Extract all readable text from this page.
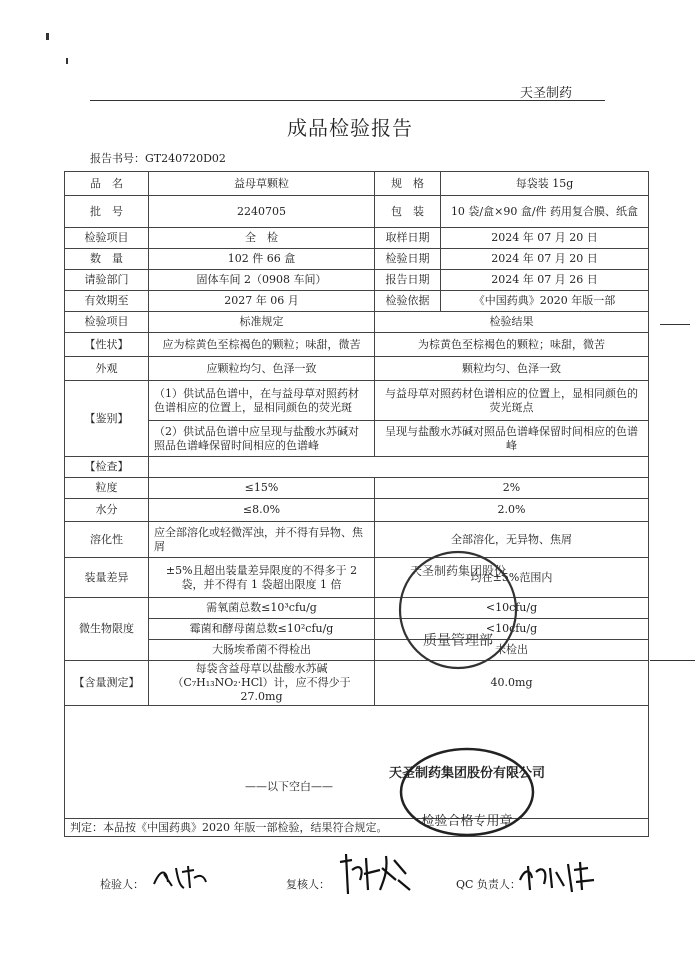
天圣制药
成品检验报告
报告书号：GT240720D02
品　名	益母草颗粒	规　格	每袋装 15g
批　号	2240705	包　装	10 袋/盒×90 盒/件 药用复合膜、纸盒
检验项目	全　检	取样日期	2024 年 07 月 20 日
数　量	102 件 66 盒	检验日期	2024 年 07 月 20 日
请验部门	固体车间 2（0908 车间）	报告日期	2024 年 07 月 26 日
有效期至	2027 年 06 月	检验依据	《中国药典》2020 年版一部
检验项目	标准规定	检验结果	
【性状】	应为棕黄色至棕褐色的颗粒；味甜，微苦	为棕黄色至棕褐色的颗粒；味甜，微苦	
外观	应颗粒均匀、色泽一致	颗粒均匀、色泽一致	
【鉴别】	（1）供试品色谱中，在与益母草对照药材色谱相应的位置上，显相同颜色的荧光斑	与益母草对照药材色谱相应的位置上，显相同颜色的荧光斑点	
	（2）供试品色谱中应呈现与盐酸水苏碱对照品色谱峰保留时间相应的色谱峰	呈现与盐酸水苏碱对照品色谱峰保留时间相应的色谱峰	
【检查】			
粒度	≤15%	2%	
水分	≤8.0%	2.0%	
溶化性	应全部溶化或轻微浑浊，并不得有异物、焦屑	全部溶化，无异物、焦屑	
装量差异	±5%且超出装量差异限度的不得多于 2 袋，并不得有 1 袋超出限度 1 倍	均在±5%范围内	
微生物限度	需氧菌总数≤10³cfu/g	<10cfu/g	
	霉菌和酵母菌总数≤10²cfu/g	<10cfu/g	
	大肠埃希菌不得检出	未检出	
【含量测定】	每袋含益母草以盐酸水苏碱（C₇H₁₃NO₂·HCl）计，应不得少于 27.0mg	40.0mg	
——以下空白——			
判定：本品按《中国药典》2020 年版一部检验，结果符合规定。			
检验人：	复核人：	QC 负责人：
质量管理部
天圣制药集团股份
天圣制药集团股份有限公司
检验合格专用章
